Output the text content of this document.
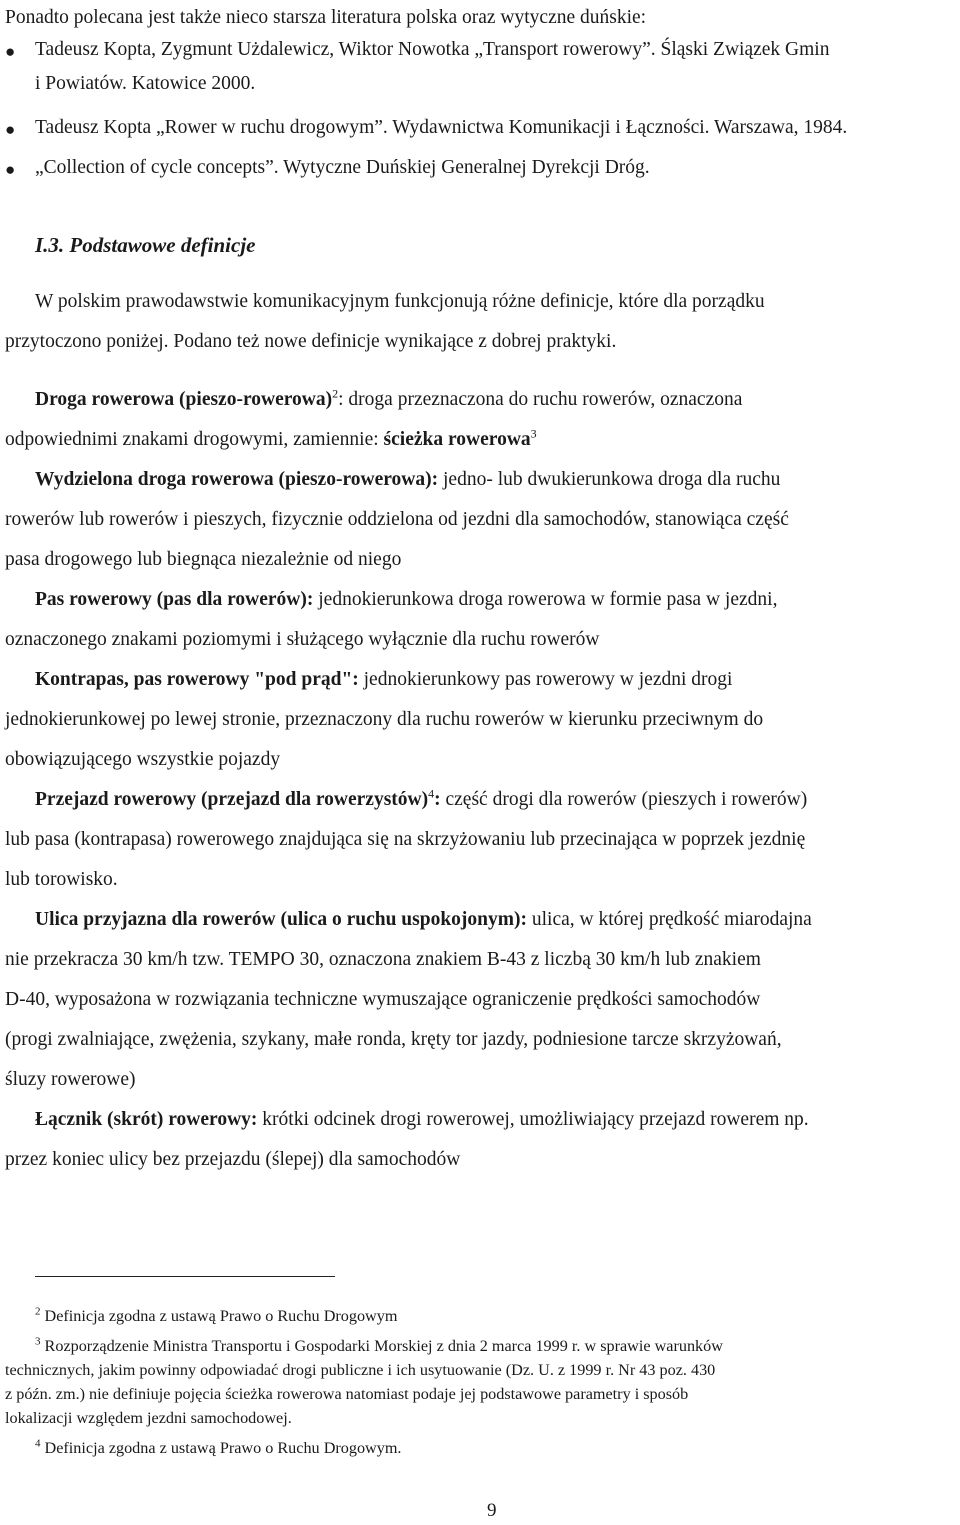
Ponadto polecana jest także nieco starsza literatura polska oraz wytyczne duńskie:
● Tadeusz Kopta, Zygmunt Użdalewicz, Wiktor Nowotka „Transport rowerowy”. Śląski Związek Gmin
i Powiatów. Katowice 2000.
● Tadeusz Kopta „Rower w ruchu drogowym”. Wydawnictwa Komunikacji i Łączności. Warszawa, 1984.
● „Collection of cycle concepts”. Wytyczne Duńskiej Generalnej Dyrekcji Dróg.
I.3. Podstawowe definicje
W polskim prawodawstwie komunikacyjnym funkcjonują różne definicje, które dla porządku
przytoczono poniżej. Podano też nowe definicje wynikające z dobrej praktyki.
Droga rowerowa (pieszo-rowerowa)$^2$: droga przeznaczona do ruchu rowerów, oznaczona
odpowiednimi znakami drogowymi, zamiennie: ścieżka rowerowa$^3$
Wydzielona droga rowerowa (pieszo-rowerowa): jedno- lub dwukierunkowa droga dla ruchu
rowerów lub rowerów i pieszych, fizycznie oddzielona od jezdni dla samochodów, stanowiąca część
pasa drogowego lub biegnąca niezależnie od niego
Pas rowerowy (pas dla rowerów): jednokierunkowa droga rowerowa w formie pasa w jezdni,
oznaczonego znakami poziomymi i służącego wyłącznie dla ruchu rowerów
Kontrapas, pas rowerowy "pod prąd": jednokierunkowy pas rowerowy w jezdni drogi
jednokierunkowej po lewej stronie, przeznaczony dla ruchu rowerów w kierunku przeciwnym do
obowiązującego wszystkie pojazdy
Przejazd rowerowy (przejazd dla rowerzystów)$^4$: część drogi dla rowerów (pieszych i rowerów)
lub pasa (kontrapasa) rowerowego znajdująca się na skrzyżowaniu lub przecinająca w poprzek jezdnię
lub torowisko.
Ulica przyjazna dla rowerów (ulica o ruchu uspokojonym): ulica, w której prędkość miarodajna
nie przekracza 30 km/h tzw. TEMPO 30, oznaczona znakiem B-43 z liczbą 30 km/h lub znakiem
D-40, wyposażona w rozwiązania techniczne wymuszające ograniczenie prędkości samochodów
(progi zwalniające, zwężenia, szykany, małe ronda, kręty tor jazdy, podniesione tarcze skrzyżowań,
śluzy rowerowe)
Łącznik (skrót) rowerowy: krótki odcinek drogi rowerowej, umożliwiający przejazd rowerem np.
przez koniec ulicy bez przejazdu (ślepej) dla samochodów
$^2$ Definicja zgodna z ustawą Prawo o Ruchu Drogowym
$^3$ Rozporządzenie Ministra Transportu i Gospodarki Morskiej z dnia 2 marca 1999 r. w sprawie warunków
technicznych, jakim powinny odpowiadać drogi publiczne i ich usytuowanie (Dz. U. z 1999 r. Nr 43 poz. 430
z późn. zm.) nie definiuje pojęcia ścieżka rowerowa natomiast podaje jej podstawowe parametry i sposób
lokalizacji względem jezdni samochodowej.
$^4$ Definicja zgodna z ustawą Prawo o Ruchu Drogowym.
9
